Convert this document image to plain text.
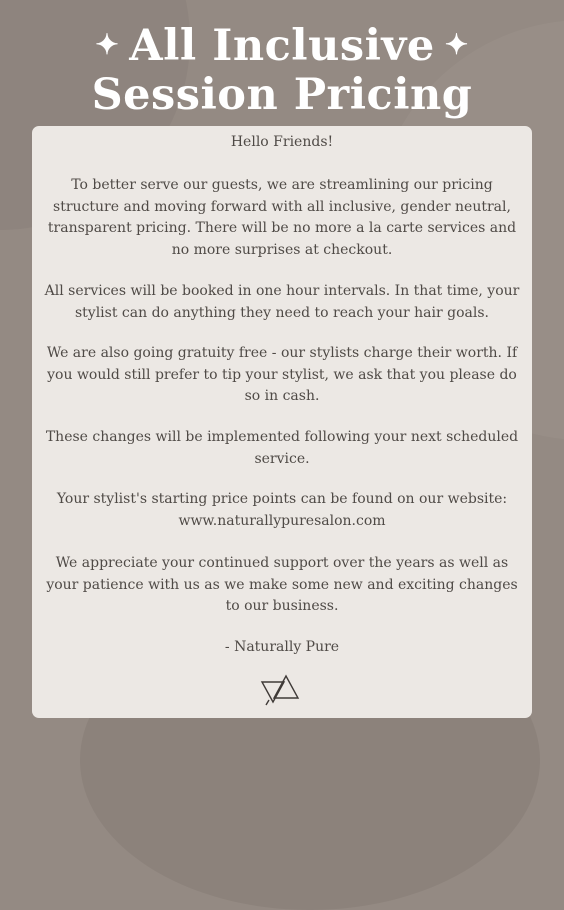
✦ All Inclusive ✦
Session Pricing

Hello Friends!

To better serve our guests, we are streamlining our pricing structure and moving forward with all inclusive, gender neutral, transparent pricing. There will be no more a la carte services and no more surprises at checkout.

All services will be booked in one hour intervals. In that time, your stylist can do anything they need to reach your hair goals.

We are also going gratuity free - our stylists charge their worth. If you would still prefer to tip your stylist, we ask that you please do so in cash.

These changes will be implemented following your next scheduled service.

Your stylist's starting price points can be found on our website: www.naturallypuresalon.com

We appreciate your continued support over the years as well as your patience with us as we make some new and exciting changes to our business.

- Naturally Pure
